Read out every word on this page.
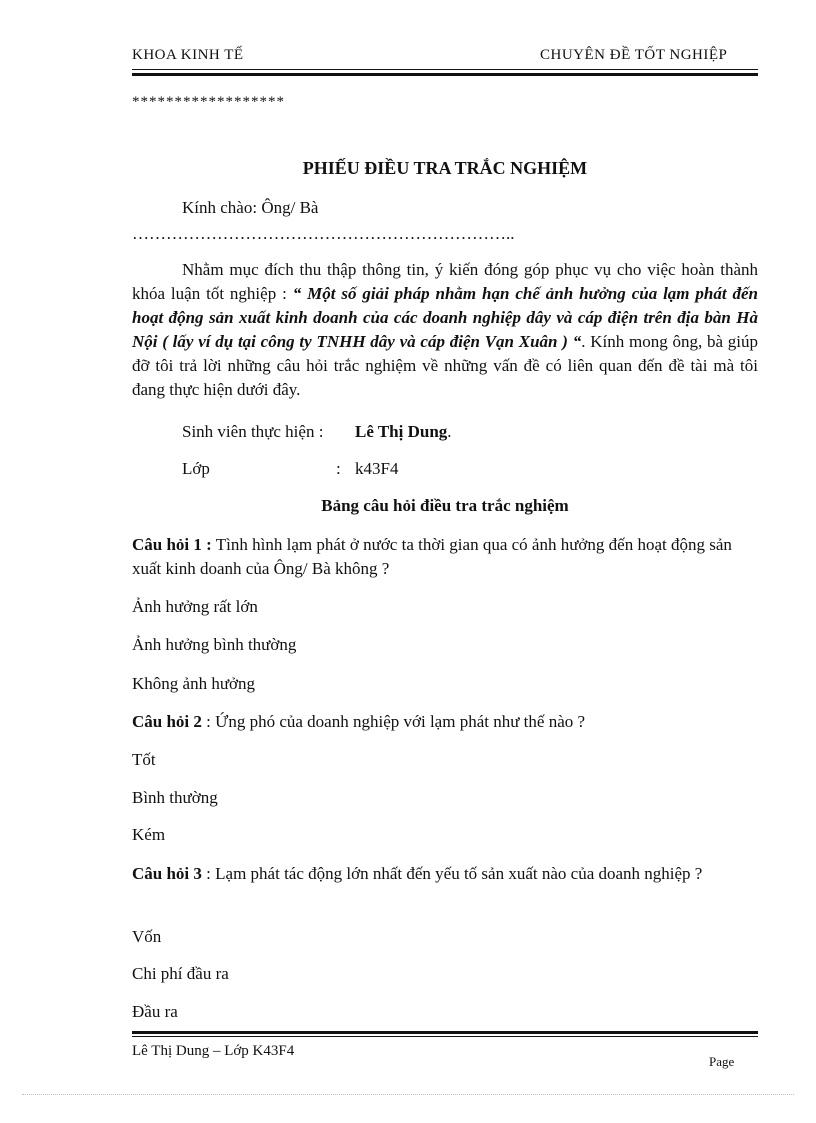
KHOA KINH TẾ	CHUYÊN ĐỀ TỐT NGHIỆP
******************
PHIẾU ĐIỀU TRA TRẮC NGHIỆM
Kính chào: Ông/ Bà
…………………………………………………………..
Nhằm mục đích thu thập thông tin, ý kiến đóng góp phục vụ cho việc hoàn thành khóa luận tốt nghiệp : “ Một số giải pháp nhằm hạn chế ảnh hưởng của lạm phát đến hoạt động sản xuất kinh doanh của các doanh nghiệp dây và cáp điện trên địa bàn Hà Nội ( lấy ví dụ tại công ty TNHH dây và cáp điện Vạn Xuân ) “. Kính mong ông, bà giúp đỡ tôi trả lời những câu hỏi trắc nghiệm về những vấn đề có liên quan đến đề tài mà tôi đang thực hiện dưới đây.
Sinh viên thực hiện : Lê Thị Dung.
Lớp	: k43F4
Bảng câu hỏi điều tra trắc nghiệm
Câu hỏi 1 : Tình hình lạm phát ở nước ta thời gian qua có ảnh hưởng đến hoạt động sản xuất kinh doanh của Ông/ Bà không ?
Ảnh hưởng rất lớn
Ảnh hưởng bình thường
Không ảnh hưởng
Câu hỏi 2 : Ứng phó của doanh nghiệp với lạm phát như thế nào ?
Tốt
Bình thường
Kém
Câu hỏi 3 : Lạm phát tác động lớn nhất đến yếu tố sản xuất nào của doanh nghiệp ?
Vốn
Chi phí đầu ra
Đầu ra
Lê Thị Dung – Lớp K43F4
Page
